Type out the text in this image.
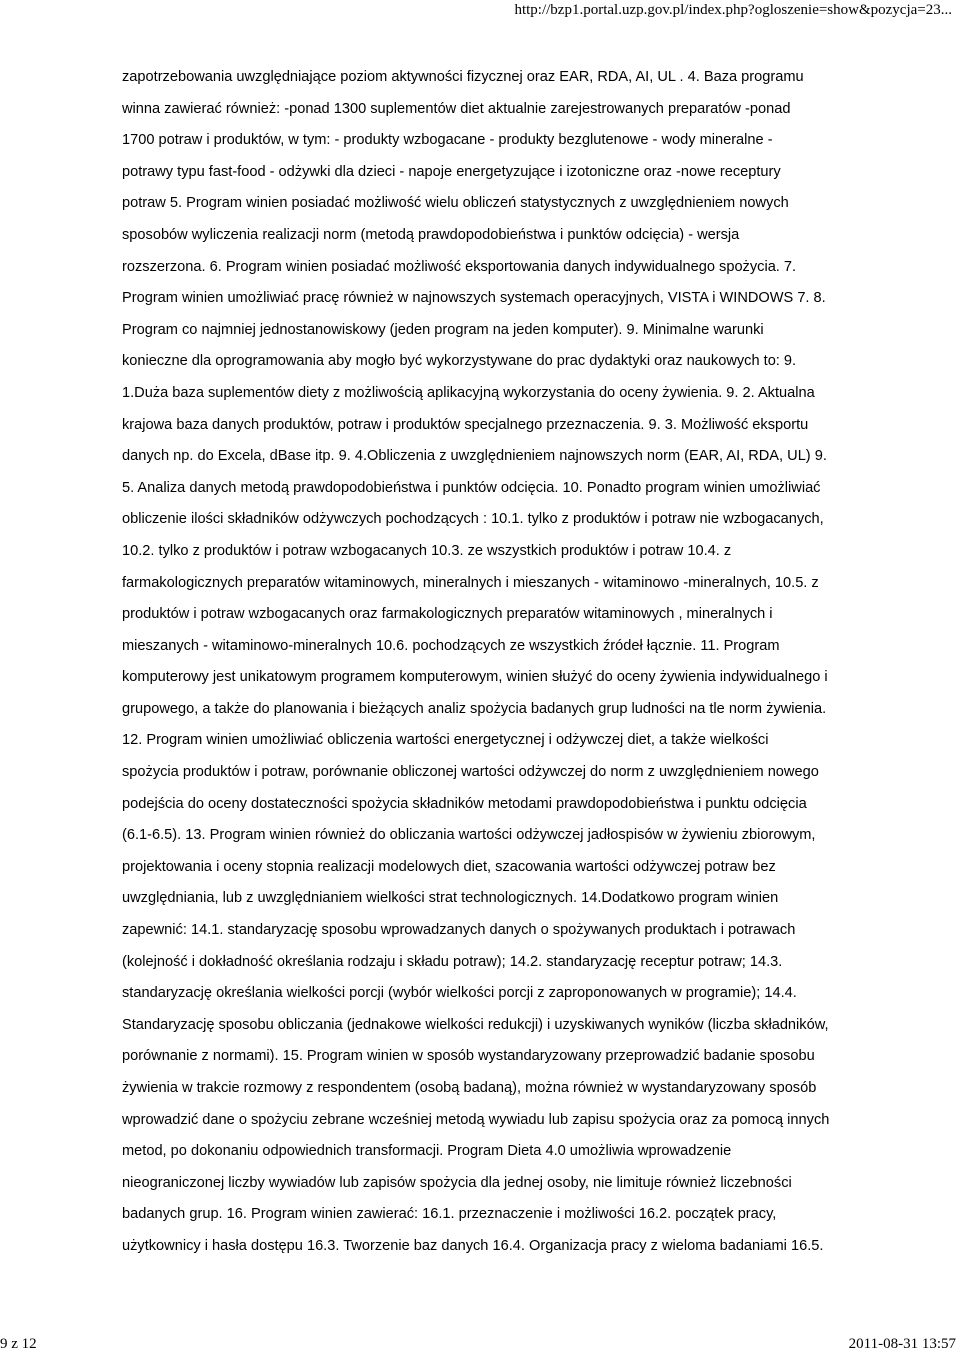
http://bzp1.portal.uzp.gov.pl/index.php?ogloszenie=show&pozycja=23...
zapotrzebowania uwzględniające poziom aktywności fizycznej oraz EAR, RDA, AI, UL . 4. Baza programu
winna zawierać również: -ponad 1300 suplementów diet aktualnie zarejestrowanych preparatów -ponad
1700 potraw i produktów, w tym: - produkty wzbogacane - produkty bezglutenowe - wody mineralne -
potrawy typu fast-food - odżywki dla dzieci - napoje energetyzujące i izotoniczne oraz -nowe receptury
potraw 5. Program winien posiadać możliwość wielu obliczeń statystycznych z uwzględnieniem nowych
sposobów wyliczenia realizacji norm (metodą prawdopodobieństwa i punktów odcięcia) - wersja
rozszerzona. 6. Program winien posiadać możliwość eksportowania danych indywidualnego spożycia. 7.
Program winien umożliwiać pracę również w najnowszych systemach operacyjnych, VISTA i WINDOWS 7. 8.
Program co najmniej jednostanowiskowy (jeden program na jeden komputer). 9. Minimalne warunki
konieczne dla oprogramowania aby mogło być wykorzystywane do prac dydaktyki oraz naukowych to: 9.
1.Duża baza suplementów diety z możliwością aplikacyjną wykorzystania do oceny żywienia. 9. 2. Aktualna
krajowa baza danych produktów, potraw i produktów specjalnego przeznaczenia. 9. 3. Możliwość eksportu
danych np. do Excela, dBase itp. 9. 4.Obliczenia z uwzględnieniem najnowszych norm (EAR, AI, RDA, UL) 9.
5. Analiza danych metodą prawdopodobieństwa i punktów odcięcia. 10. Ponadto program winien umożliwiać
obliczenie ilości składników odżywczych pochodzących : 10.1. tylko z produktów i potraw nie wzbogacanych,
10.2. tylko z produktów i potraw wzbogacanych 10.3. ze wszystkich produktów i potraw 10.4. z
farmakologicznych preparatów witaminowych, mineralnych i mieszanych - witaminowo -mineralnych, 10.5. z
produktów i potraw wzbogacanych oraz farmakologicznych preparatów witaminowych , mineralnych i
mieszanych - witaminowo-mineralnych 10.6. pochodzących ze wszystkich źródeł łącznie. 11. Program
komputerowy jest unikatowym programem komputerowym, winien służyć do oceny żywienia indywidualnego i
grupowego, a także do planowania i bieżących analiz spożycia badanych grup ludności na tle norm żywienia.
12. Program winien umożliwiać obliczenia wartości energetycznej i odżywczej diet, a także wielkości
spożycia produktów i potraw, porównanie obliczonej wartości odżywczej do norm z uwzględnieniem nowego
podejścia do oceny dostateczności spożycia składników metodami prawdopodobieństwa i punktu odcięcia
(6.1-6.5). 13. Program winien również do obliczania wartości odżywczej jadłospisów w żywieniu zbiorowym,
projektowania i oceny stopnia realizacji modelowych diet, szacowania wartości odżywczej potraw bez
uwzględniania, lub z uwzględnianiem wielkości strat technologicznych. 14.Dodatkowo program winien
zapewnić: 14.1. standaryzację sposobu wprowadzanych danych o spożywanych produktach i potrawach
(kolejność i dokładność określania rodzaju i składu potraw); 14.2. standaryzację receptur potraw; 14.3.
standaryzację określania wielkości porcji (wybór wielkości porcji z zaproponowanych w programie); 14.4.
Standaryzację sposobu obliczania (jednakowe wielkości redukcji) i uzyskiwanych wyników (liczba składników,
porównanie z normami). 15. Program winien w sposób wystandaryzowany przeprowadzić badanie sposobu
żywienia w trakcie rozmowy z respondentem (osobą badaną), można również w wystandaryzowany sposób
wprowadzić dane o spożyciu zebrane wcześniej metodą wywiadu lub zapisu spożycia oraz za pomocą innych
metod, po dokonaniu odpowiednich transformacji. Program Dieta 4.0 umożliwia wprowadzenie
nieograniczonej liczby wywiadów lub zapisów spożycia dla jednej osoby, nie limituje również liczebności
badanych grup. 16. Program winien zawierać: 16.1. przeznaczenie i możliwości 16.2. początek pracy,
użytkownicy i hasła dostępu 16.3. Tworzenie baz danych 16.4. Organizacja pracy z wieloma badaniami 16.5.
9 z 12	2011-08-31 13:57
